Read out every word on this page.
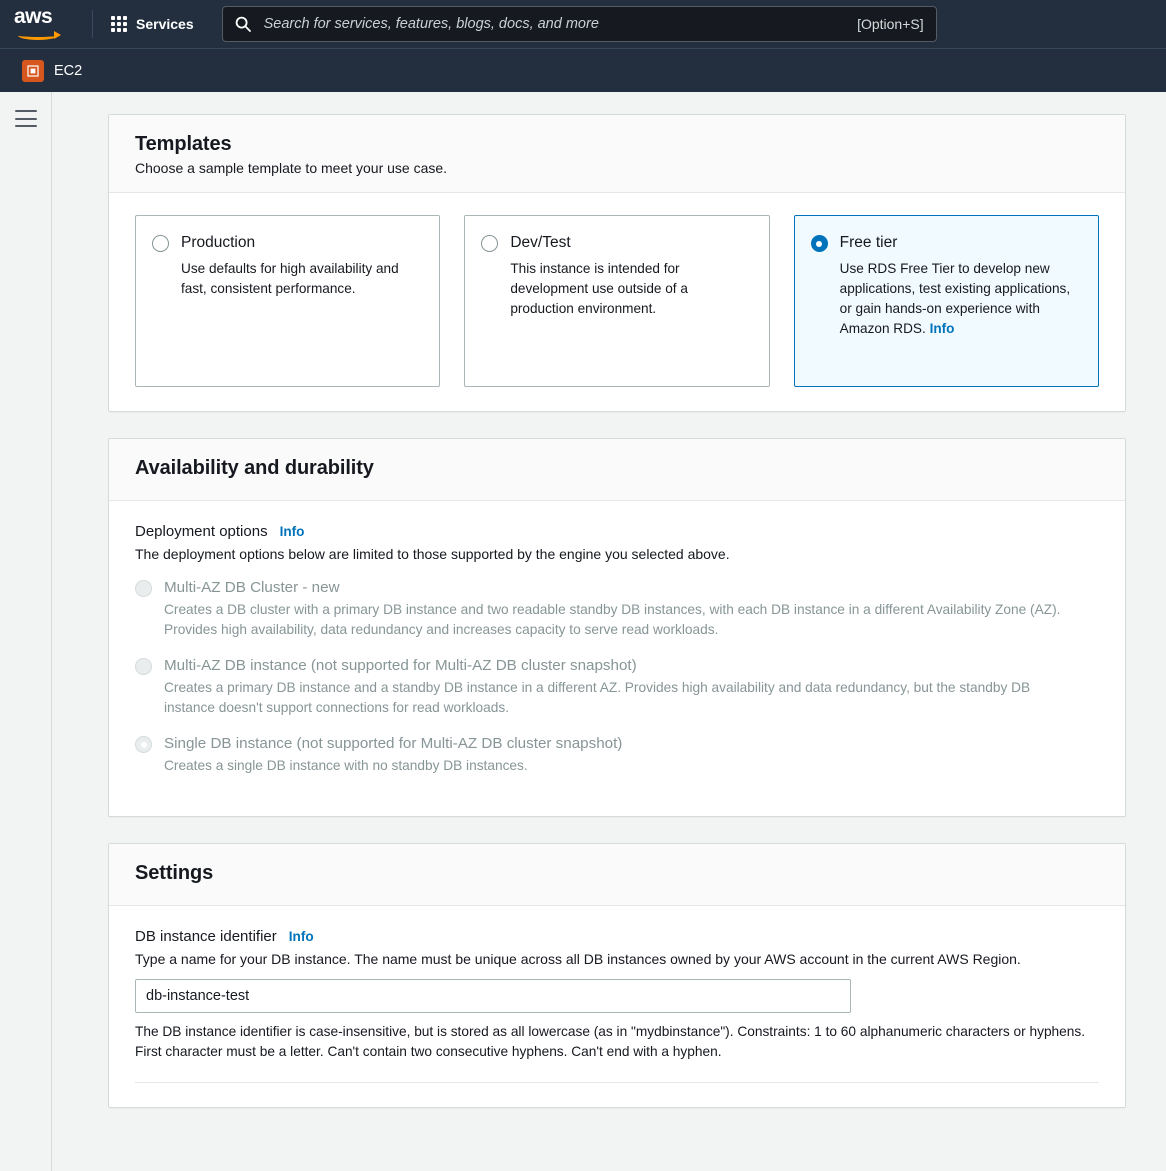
aws	Services
Search for services, features, blogs, docs, and more	[Option+S]
EC2
Templates
Choose a sample template to meet your use case.
Production
Use defaults for high availability and fast, consistent performance.
Dev/Test
This instance is intended for development use outside of a production environment.
Free tier
Use RDS Free Tier to develop new applications, test existing applications, or gain hands-on experience with Amazon RDS. Info
Availability and durability
Deployment options Info
The deployment options below are limited to those supported by the engine you selected above.
Multi-AZ DB Cluster - new
Creates a DB cluster with a primary DB instance and two readable standby DB instances, with each DB instance in a different Availability Zone (AZ). Provides high availability, data redundancy and increases capacity to serve read workloads.
Multi-AZ DB instance (not supported for Multi-AZ DB cluster snapshot)
Creates a primary DB instance and a standby DB instance in a different AZ. Provides high availability and data redundancy, but the standby DB instance doesn't support connections for read workloads.
Single DB instance (not supported for Multi-AZ DB cluster snapshot)
Creates a single DB instance with no standby DB instances.
Settings
DB instance identifier Info
Type a name for your DB instance. The name must be unique across all DB instances owned by your AWS account in the current AWS Region.
db-instance-test
The DB instance identifier is case-insensitive, but is stored as all lowercase (as in "mydbinstance"). Constraints: 1 to 60 alphanumeric characters or hyphens. First character must be a letter. Can't contain two consecutive hyphens. Can't end with a hyphen.
